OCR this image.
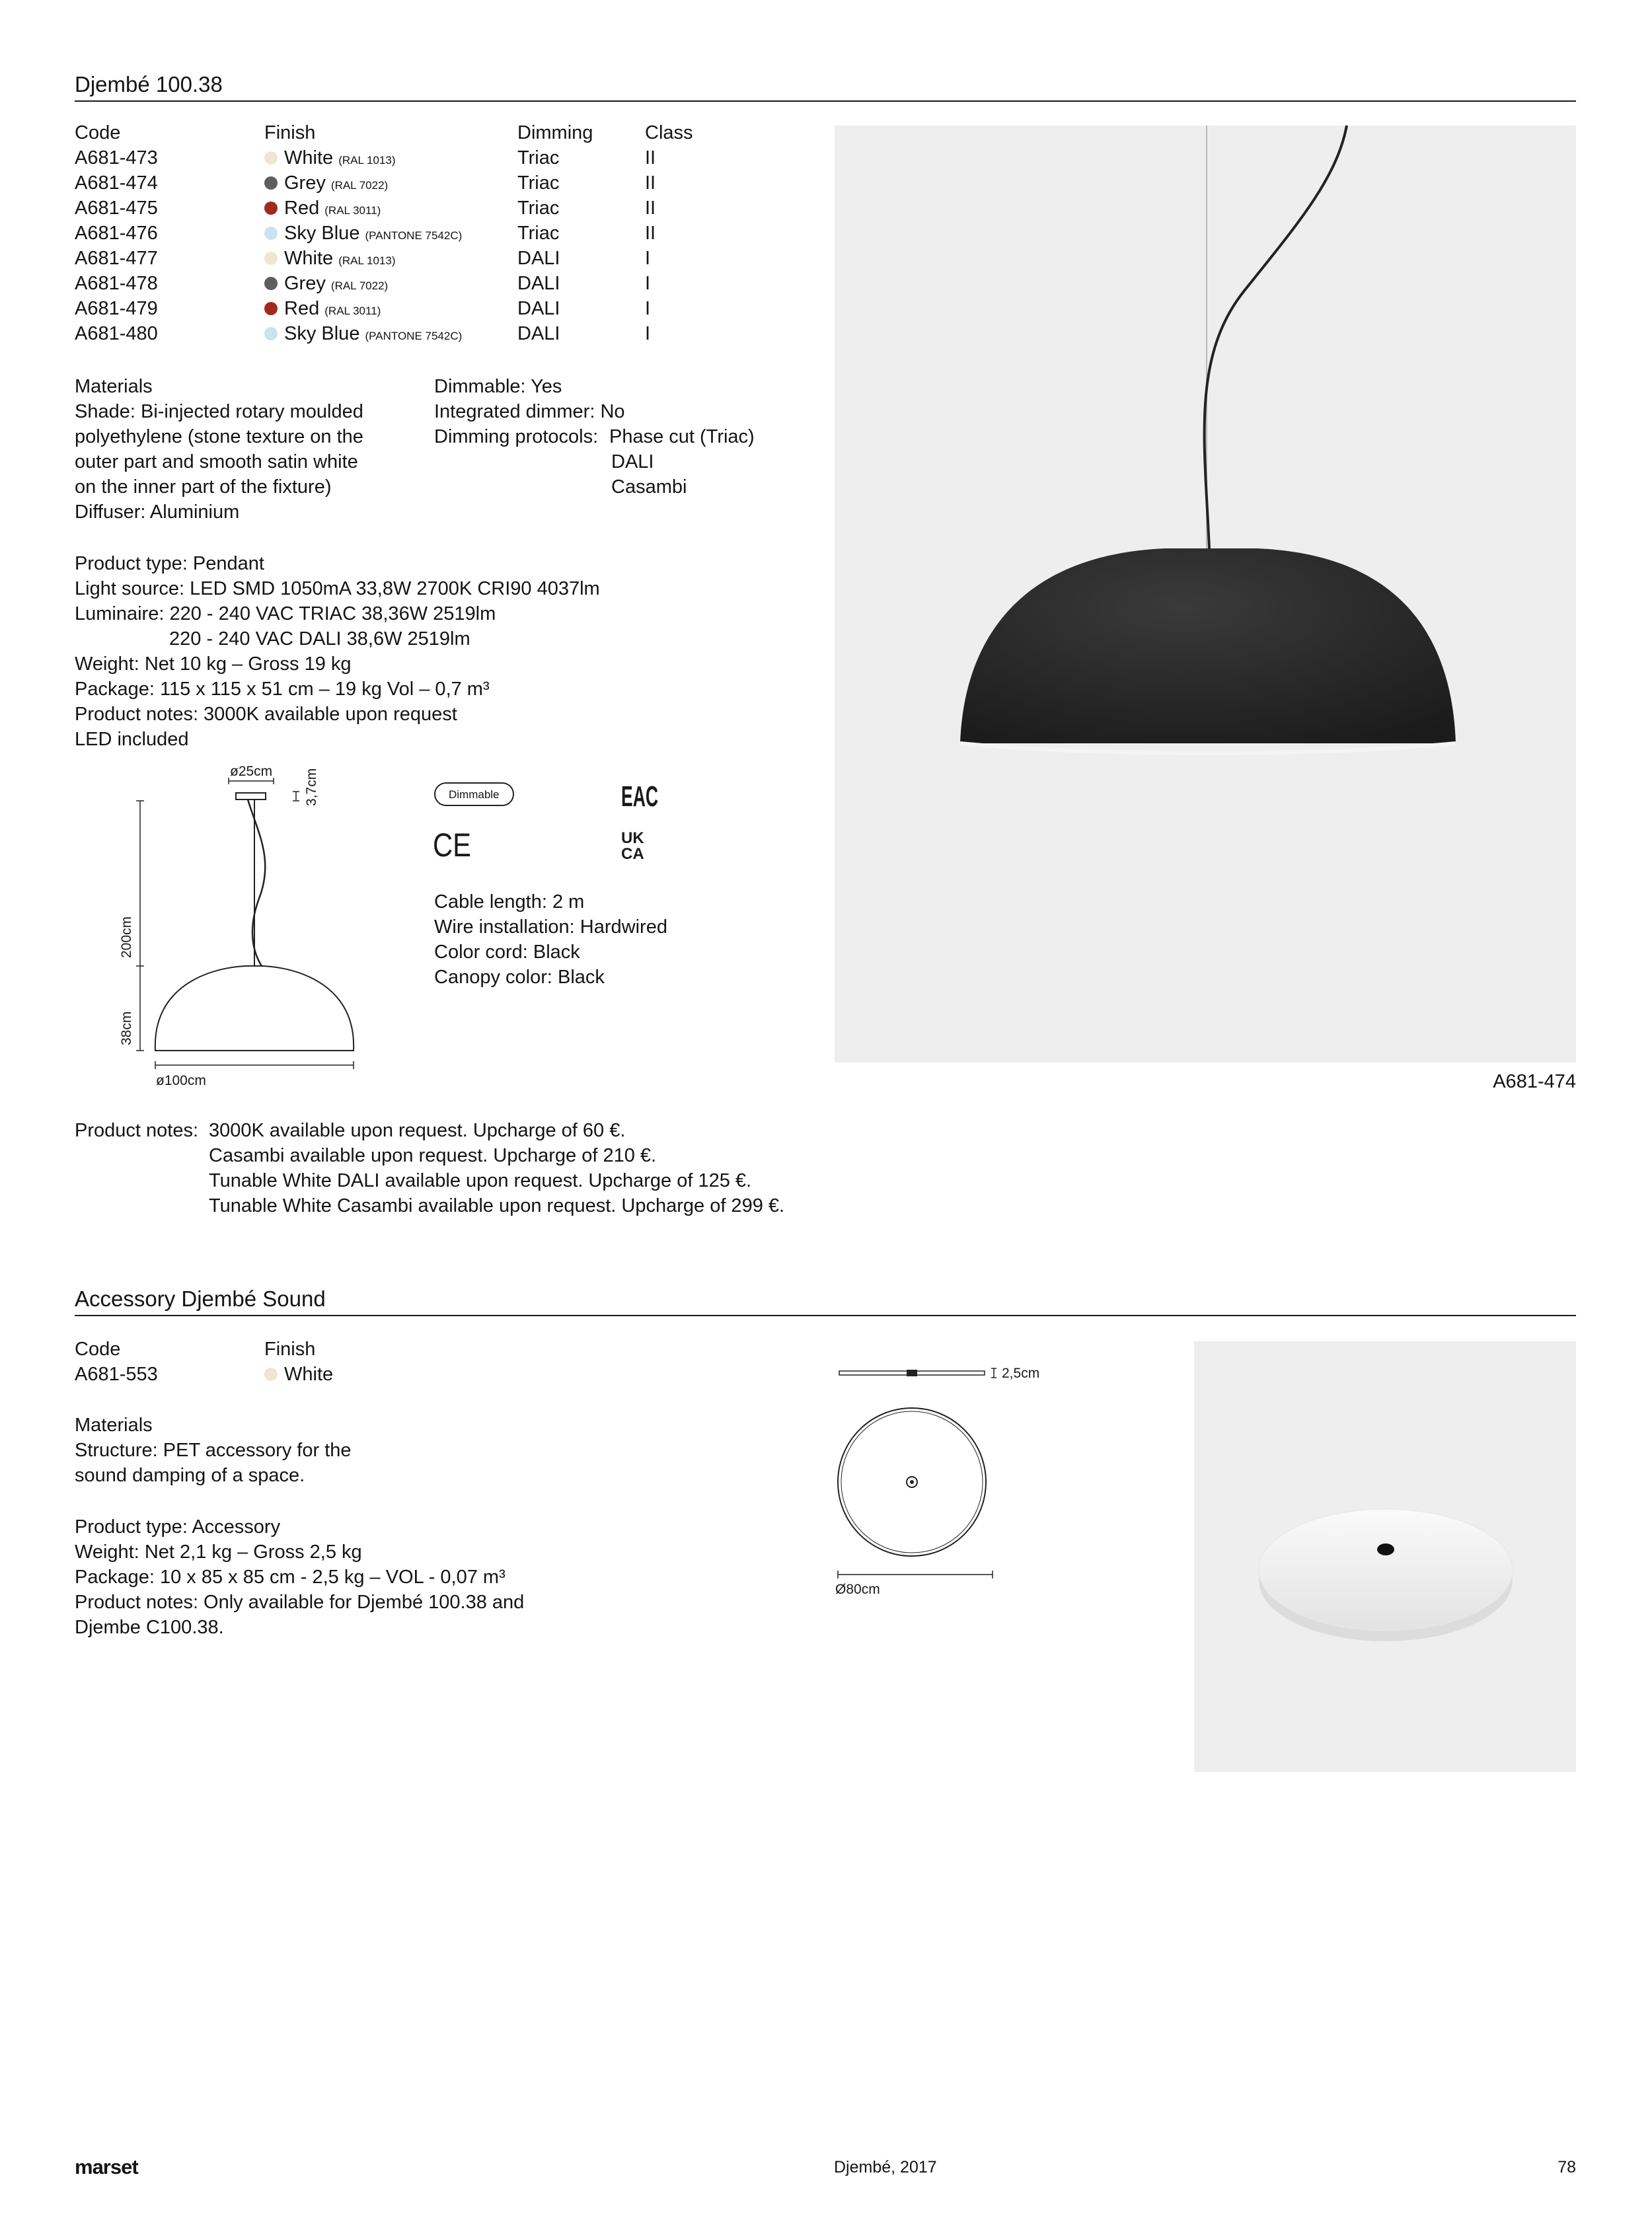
Djembé 100.38
Code	Finish	Dimming	Class
A681-473	White (RAL 1013)	Triac	II
A681-474	Grey (RAL 7022)	Triac	II
A681-475	Red (RAL 3011)	Triac	II
A681-476	Sky Blue (PANTONE 7542C)	Triac	II
A681-477	White (RAL 1013)	DALI	I
A681-478	Grey (RAL 7022)	DALI	I
A681-479	Red (RAL 3011)	DALI	I
A681-480	Sky Blue (PANTONE 7542C)	DALI	I
Materials
Shade: Bi-injected rotary moulded
polyethylene (stone texture on the
outer part and smooth satin white
on the inner part of the fixture)
Diffuser: Aluminium
Dimmable: Yes
Integrated dimmer: No
Dimming protocols: Phase cut (Triac)
DALI
Casambi
Product type: Pendant
Light source: LED SMD 1050mA 33,8W 2700K CRI90 4037lm
Luminaire: 220 - 240 VAC TRIAC 38,36W 2519lm
220 - 240 VAC DALI 38,6W 2519lm
Weight: Net 10 kg – Gross 19 kg
Package: 115 x 115 x 51 cm – 19 kg Vol – 0,7 m³
Product notes: 3000K available upon request
LED included
ø25cm 3,7cm
200cm
38cm
ø100cm
Dimmable	EAC
CE	UK
CA
Cable length: 2 m
Wire installation: Hardwired
Color cord: Black
Canopy color: Black
A681-474
Product notes: 3000K available upon request. Upcharge of 60 €.
Casambi available upon request. Upcharge of 210 €.
Tunable White DALI available upon request. Upcharge of 125 €.
Tunable White Casambi available upon request. Upcharge of 299 €.
Accessory Djembé Sound
Code	Finish
A681-553	White
Materials
Structure: PET accessory for the
sound damping of a space.
Product type: Accessory
Weight: Net 2,1 kg – Gross 2,5 kg
Package: 10 x 85 x 85 cm - 2,5 kg – VOL - 0,07 m³
Product notes: Only available for Djembé 100.38 and
Djembe C100.38.
2,5cm
Ø80cm
marset	Djembé, 2017	78
